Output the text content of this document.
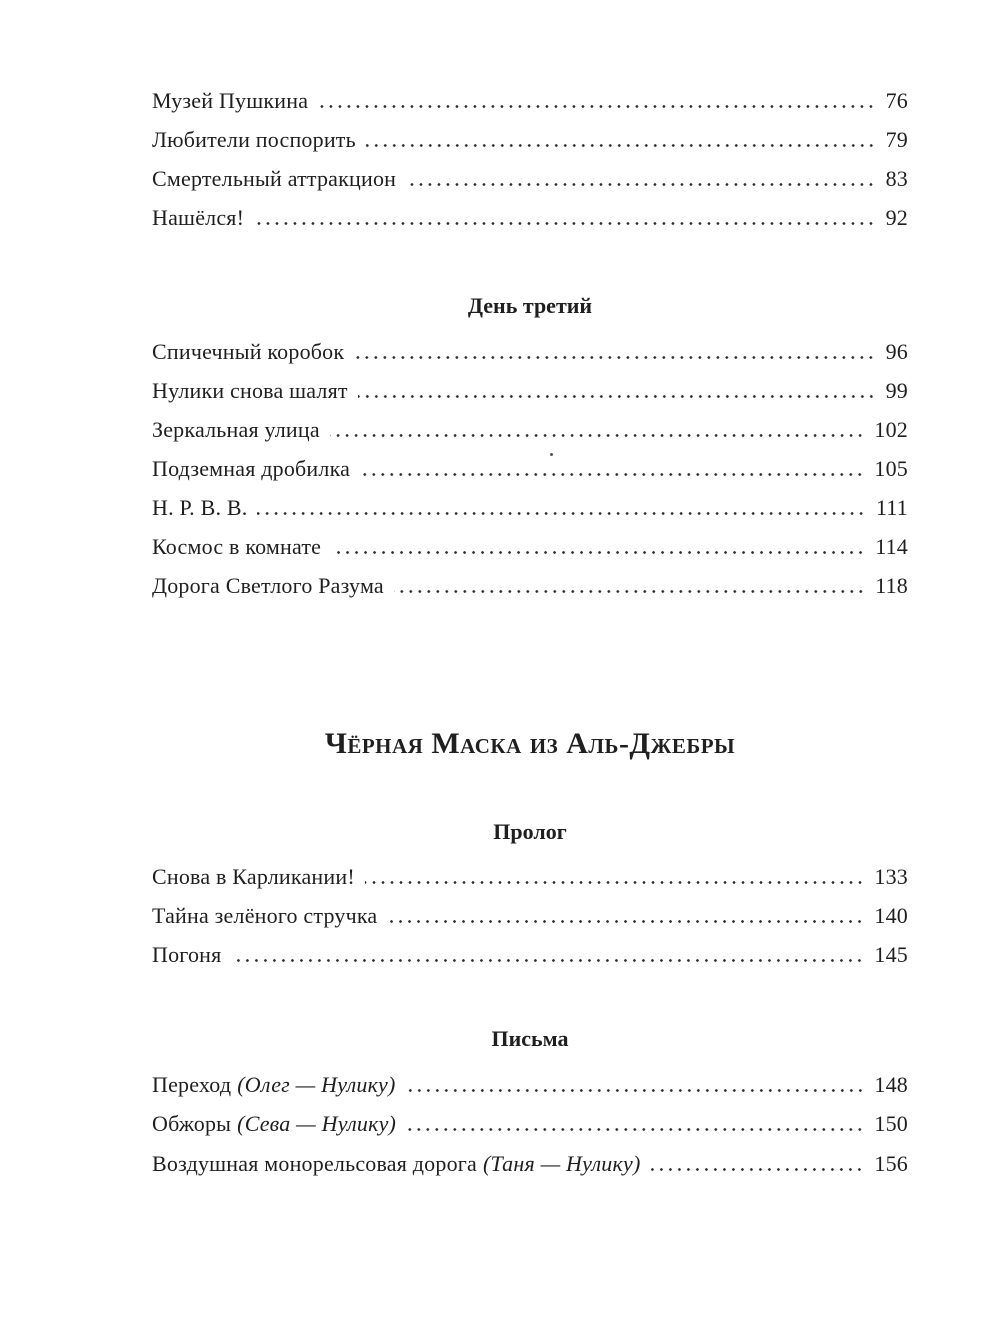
Музей Пушкина	76
Любители поспорить	79
Смертельный аттракцион	83
Нашёлся!	92
День третий
Спичечный коробок	96
Нулики снова шалят	99
Зеркальная улица	102
Подземная дробилка	105
Н. Р. В. В.	111
Космос в комнате	114
Дорога Светлого Разума	118
Чёрная Маска из Аль-Джебры
Пролог
Снова в Карликании!	133
Тайна зелёного стручка	140
Погоня	145
Письма
Переход (Олег — Нулику)	148
Обжоры (Сева — Нулику)	150
Воздушная монорельсовая дорога (Таня — Нулику)	156
